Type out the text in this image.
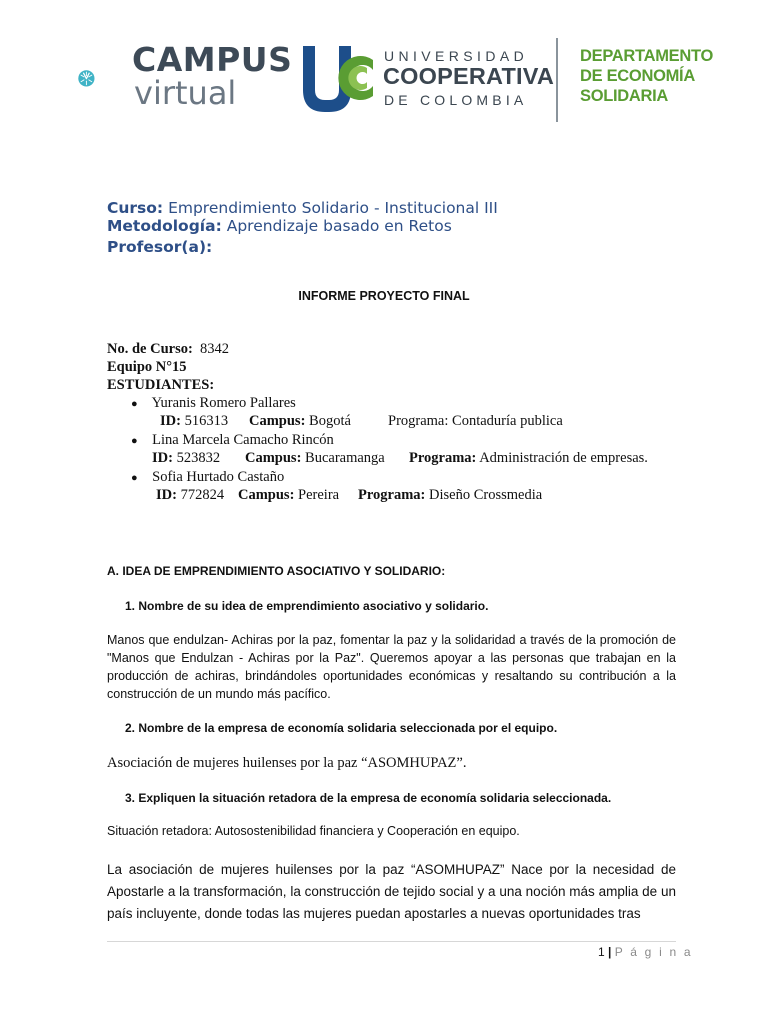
CAMPUS
virtual
UNIVERSIDAD
COOPERATIVA
DE COLOMBIA
DEPARTAMENTO
DE ECONOMÍA
SOLIDARIA
Curso: Emprendimiento Solidario - Institucional III
Metodología: Aprendizaje basado en Retos
Profesor(a):
INFORME PROYECTO FINAL
No. de Curso: 8342
Equipo N°15
ESTUDIANTES:
● Yuranis Romero Pallares
ID: 516313 Campus: Bogotá	Programa: Contaduría publica
● Lina Marcela Camacho Rincón
ID: 523832 Campus: Bucaramanga Programa: Administración de empresas.
● Sofia Hurtado Castaño
ID: 772824 Campus: Pereira Programa: Diseño Crossmedia
A. IDEA DE EMPRENDIMIENTO ASOCIATIVO Y SOLIDARIO:
1. Nombre de su idea de emprendimiento asociativo y solidario.
Manos que endulzan- Achiras por la paz, fomentar la paz y la solidaridad a través de la promoción de "Manos que Endulzan - Achiras por la Paz". Queremos apoyar a las personas que trabajan en la producción de achiras, brindándoles oportunidades económicas y resaltando su contribución a la construcción de un mundo más pacífico.
2. Nombre de la empresa de economía solidaria seleccionada por el equipo.
Asociación de mujeres huilenses por la paz “ASOMHUPAZ”.
3. Expliquen la situación retadora de la empresa de economía solidaria seleccionada.
Situación retadora: Autosostenibilidad financiera y Cooperación en equipo.
La asociación de mujeres huilenses por la paz “ASOMHUPAZ” Nace por la necesidad de Apostarle a la transformación, la construcción de tejido social y a una noción más amplia de un país incluyente, donde todas las mujeres puedan apostarles a nuevas oportunidades tras
1 | P á g i n a
